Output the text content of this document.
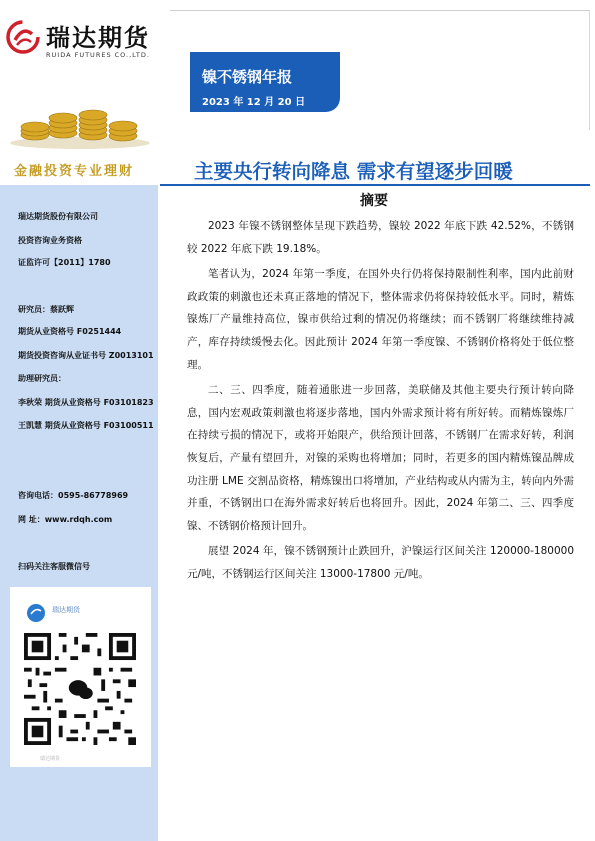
瑞达期货
RUIDA FUTURES CO.,LTD.
镍不锈钢年报
2023 年 12 月 20 日
金融投资专业理财	主要央行转向降息 需求有望逐步回暖
瑞达期货股份有限公司
投资咨询业务资格
证监许可【2011】1780
研究员：蔡跃辉
期货从业资格号 F0251444
期货投资咨询从业证书号 Z0013101
助理研究员：
李秋荣 期货从业资格号 F03101823
王凯慧 期货从业资格号 F03100511
咨询电话：0595-86778969
网 址：www.rdqh.com
扫码关注客服微信号
瑞达期货
瑞达期货
摘要

2023 年镍不锈钢整体呈现下跌趋势，镍较 2022 年底下跌 42.52%，不锈钢较 2022 年底下跌 19.18%。

笔者认为，2024 年第一季度，在国外央行仍将保持限制性利率，国内此前财政政策的刺激也还未真正落地的情况下，整体需求仍将保持较低水平。同时，精炼镍炼厂产量维持高位，镍市供给过剩的情况仍将继续；而不锈钢厂将继续维持减产，库存持续缓慢去化。因此预计 2024 年第一季度镍、不锈钢价格将处于低位整理。

二、三、四季度，随着通胀进一步回落，美联储及其他主要央行预计转向降息，国内宏观政策刺激也将逐步落地，国内外需求预计将有所好转。而精炼镍炼厂在持续亏损的情况下，或将开始限产，供给预计回落，不锈钢厂在需求好转，利润恢复后，产量有望回升，对镍的采购也将增加；同时，若更多的国内精炼镍品牌成功注册 LME 交割品资格，精炼镍出口将增加，产业结构或从内需为主，转向内外需并重，不锈钢出口在海外需求好转后也将回升。因此，2024 年第二、三、四季度镍、不锈钢价格预计回升。

展望 2024 年，镍不锈钢预计止跌回升，沪镍运行区间关注 120000-180000 元/吨，不锈钢运行区间关注 13000-17800 元/吨。
